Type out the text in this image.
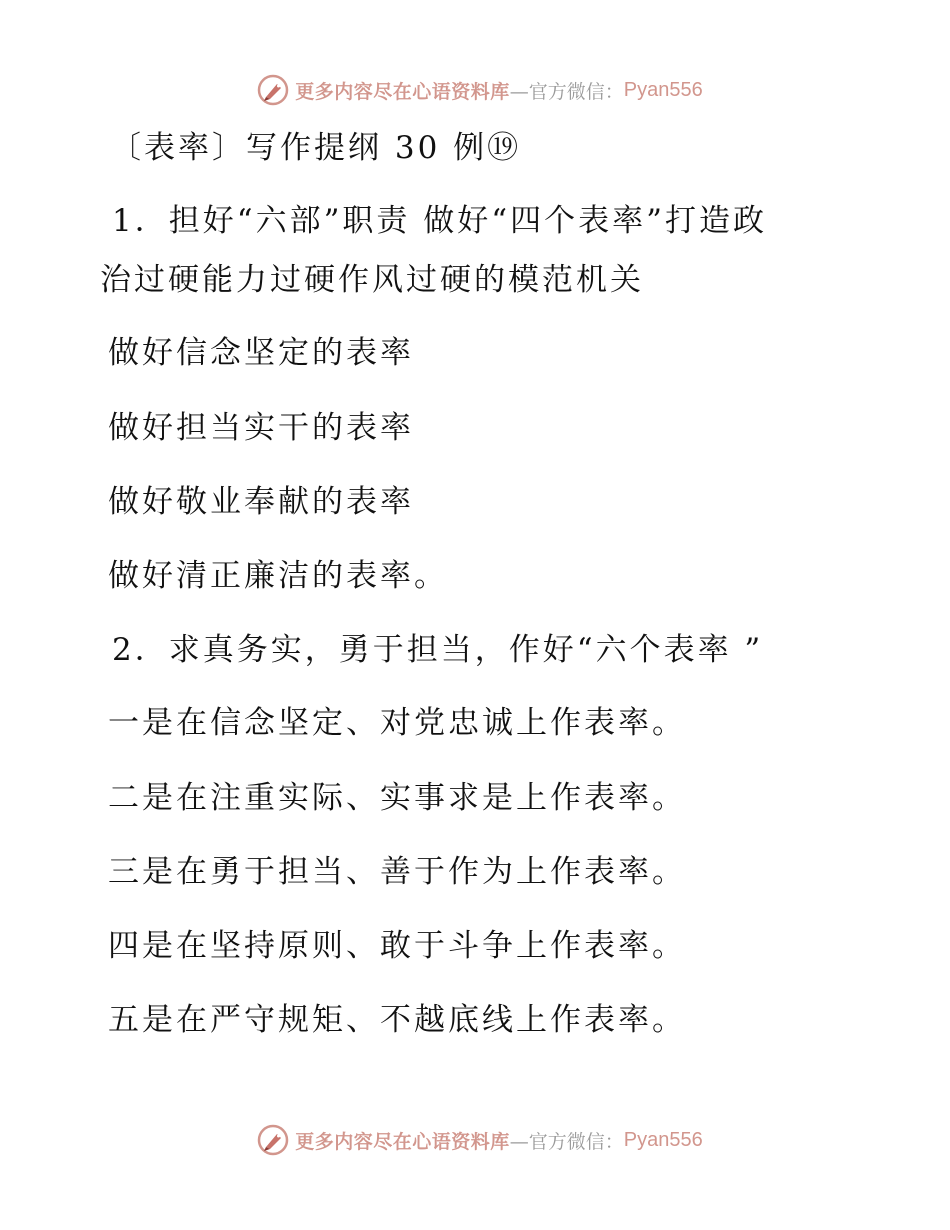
更多内容尽在心语资料库 —官方微信： Pyan556
〔表率〕写作提纲 30 例⑲
1．担好“六部”职责 做好“四个表率”打造政
治过硬能力过硬作风过硬的模范机关
做好信念坚定的表率
做好担当实干的表率
做好敬业奉献的表率
做好清正廉洁的表率。
2．求真务实，勇于担当，作好“六个表率 ”
一是在信念坚定、对党忠诚上作表率。
二是在注重实际、实事求是上作表率。
三是在勇于担当、善于作为上作表率。
四是在坚持原则、敢于斗争上作表率。
五是在严守规矩、不越底线上作表率。
更多内容尽在心语资料库 —官方微信： Pyan556
